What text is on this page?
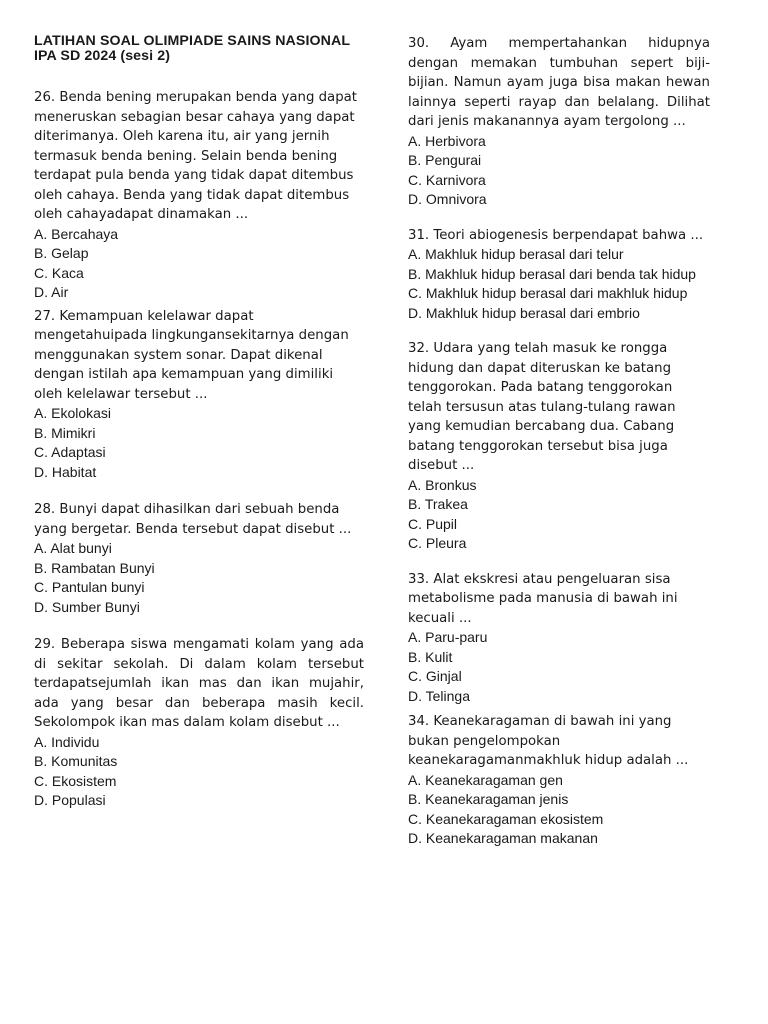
LATIHAN SOAL OLIMPIADE SAINS NASIONAL
IPA SD 2024 (sesi 2)

26. Benda bening merupakan benda yang dapat meneruskan sebagian besar cahaya yang dapat diterimanya. Oleh karena itu, air yang jernih termasuk benda bening. Selain benda bening terdapat pula benda yang tidak dapat ditembus oleh cahaya. Benda yang tidak dapat ditembus oleh cahayadapat dinamakan ...

A. Bercahaya
B. Gelap
C. Kaca
D. Air

27. Kemampuan kelelawar dapat mengetahuipada lingkungansekitarnya dengan menggunakan system sonar. Dapat dikenal dengan istilah apa kemampuan yang dimiliki oleh kelelawar tersebut ...

A. Ekolokasi
B. Mimikri
C. Adaptasi
D. Habitat

28. Bunyi dapat dihasilkan dari sebuah benda yang bergetar. Benda tersebut dapat disebut ...

A. Alat bunyi
B. Rambatan Bunyi
C. Pantulan bunyi
D. Sumber Bunyi

29. Beberapa siswa mengamati kolam yang ada di sekitar sekolah. Di dalam kolam tersebut terdapatsejumlah ikan mas dan ikan mujahir, ada yang besar dan beberapa masih kecil. Sekolompok ikan mas dalam kolam disebut ...

A. Individu
B. Komunitas
C. Ekosistem
D. Populasi

30. Ayam mempertahankan hidupnya dengan memakan tumbuhan sepert biji-bijian. Namun ayam juga bisa makan hewan lainnya seperti rayap dan belalang. Dilihat dari jenis makanannya ayam tergolong ...

A. Herbivora
B. Pengurai
C. Karnivora
D. Omnivora

31. Teori abiogenesis berpendapat bahwa ...

A. Makhluk hidup berasal dari telur
B. Makhluk hidup berasal dari benda tak hidup
C. Makhluk hidup berasal dari makhluk hidup
D. Makhluk hidup berasal dari embrio

32. Udara yang telah masuk ke rongga hidung dan dapat diteruskan ke batang tenggorokan. Pada batang tenggorokan telah tersusun atas tulang-tulang rawan yang kemudian bercabang dua. Cabang batang tenggorokan tersebut bisa juga disebut ...

A. Bronkus
B. Trakea
C. Pupil
C. Pleura

33. Alat ekskresi atau pengeluaran sisa metabolisme pada manusia di bawah ini kecuali ...

A. Paru-paru
B. Kulit
C. Ginjal
D. Telinga

34. Keanekaragaman di bawah ini yang bukan pengelompokan keanekaragamanmakhluk hidup adalah ...

A. Keanekaragaman gen
B. Keanekaragaman jenis
C. Keanekaragaman ekosistem
D. Keanekaragaman makanan
